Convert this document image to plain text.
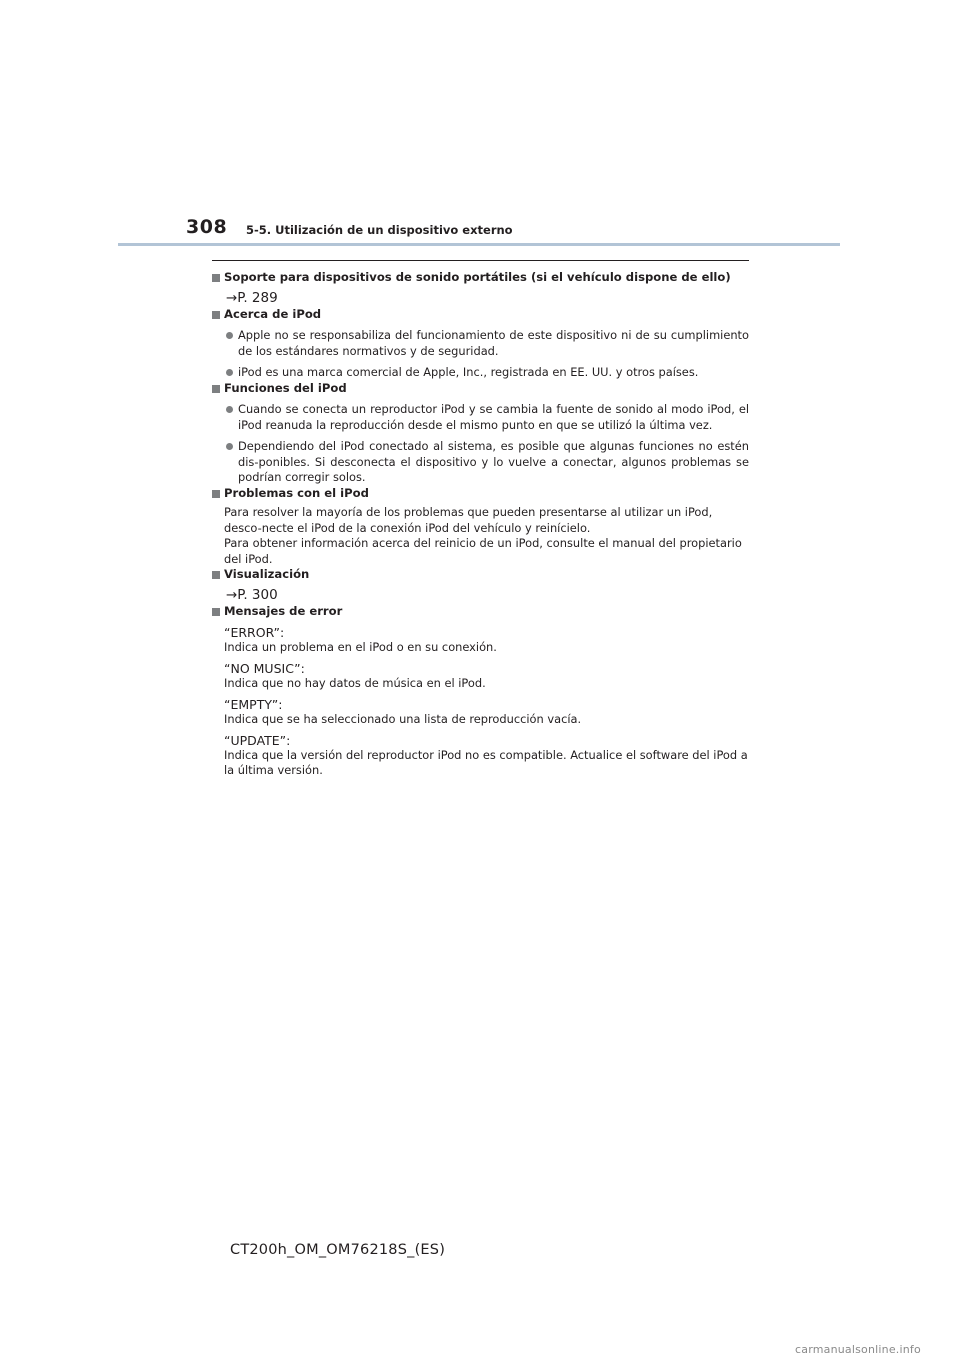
308 5-5. Utilización de un dispositivo externo
Soporte para dispositivos de sonido portátiles (si el vehículo dispone de ello)
→P. 289
Acerca de iPod
Apple no se responsabiliza del funcionamiento de este dispositivo ni de su cumplimiento de los estándares normativos y de seguridad.
iPod es una marca comercial de Apple, Inc., registrada en EE. UU. y otros países.
Funciones del iPod
Cuando se conecta un reproductor iPod y se cambia la fuente de sonido al modo iPod, el iPod reanuda la reproducción desde el mismo punto en que se utilizó la última vez.
Dependiendo del iPod conectado al sistema, es posible que algunas funciones no estén dis-ponibles. Si desconecta el dispositivo y lo vuelve a conectar, algunos problemas se podrían corregir solos.
Problemas con el iPod
Para resolver la mayoría de los problemas que pueden presentarse al utilizar un iPod, desco-necte el iPod de la conexión iPod del vehículo y reinícielo.
Para obtener información acerca del reinicio de un iPod, consulte el manual del propietario del iPod.
Visualización
→P. 300
Mensajes de error
“ERROR”:
Indica un problema en el iPod o en su conexión.
“NO MUSIC”:
Indica que no hay datos de música en el iPod.
“EMPTY”:
Indica que se ha seleccionado una lista de reproducción vacía.
“UPDATE”:
Indica que la versión del reproductor iPod no es compatible. Actualice el software del iPod a la última versión.
CT200h_OM_OM76218S_(ES)
carmanualsonline.info
